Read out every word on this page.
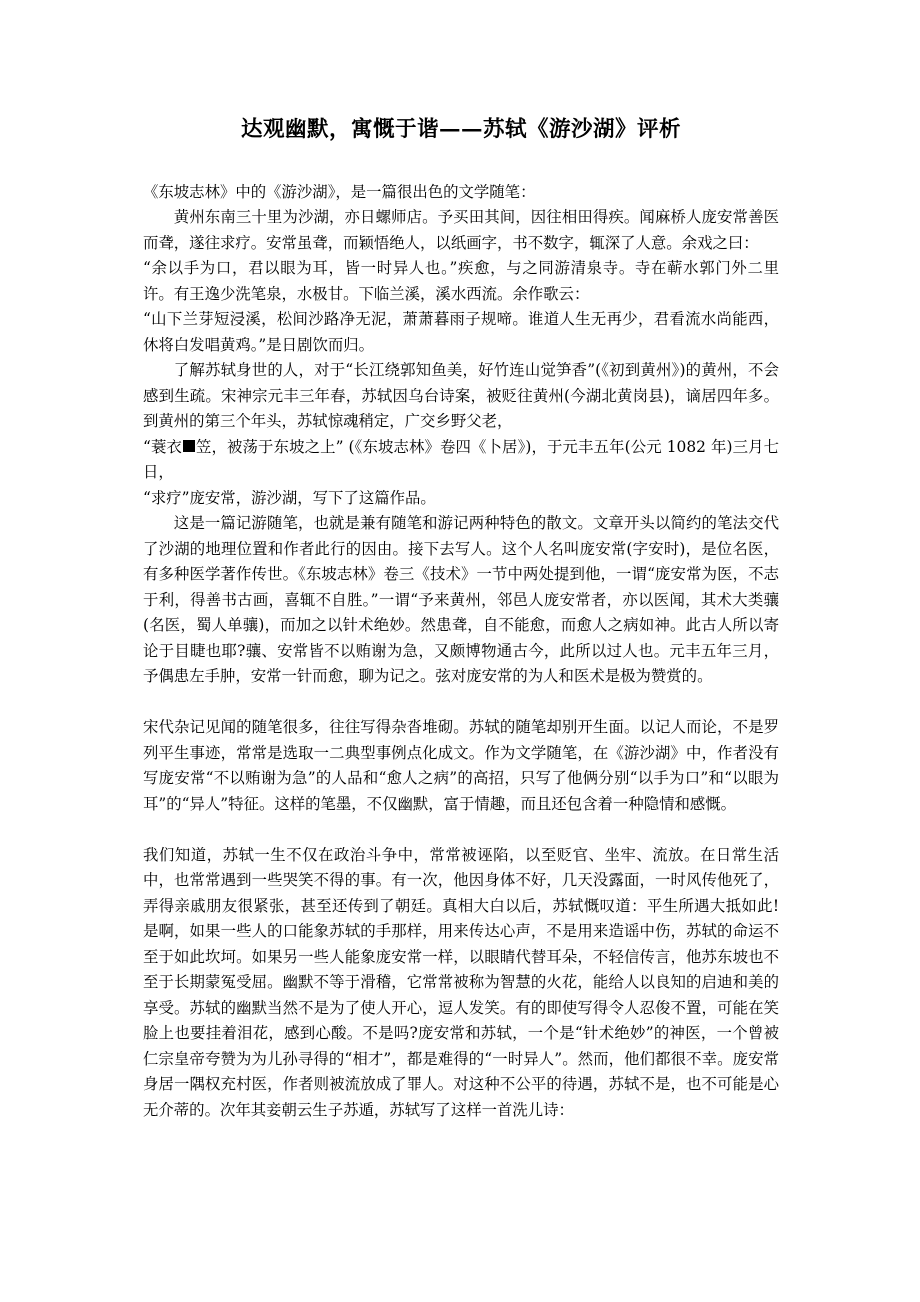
达观幽默，寓慨于谐——苏轼《游沙湖》评析

《东坡志林》中的《游沙湖》，是一篇很出色的文学随笔：

黄州东南三十里为沙湖，亦日螺师店。予买田其间，因往相田得疾。闻麻桥人庞安常善医而聋，遂往求疗。安常虽聋，而颖悟绝人，以纸画字，书不数字，辄深了人意。余戏之曰：

“余以手为口，君以眼为耳，皆一时异人也。”疾愈，与之同游清泉寺。寺在蕲水郭门外二里许。有王逸少洗笔泉，水极甘。下临兰溪，溪水西流。余作歌云：

“山下兰芽短浸溪，松间沙路净无泥，萧萧暮雨子规啼。谁道人生无再少，君看流水尚能西，休将白发唱黄鸡。”是日剧饮而归。

了解苏轼身世的人，对于“长江绕郭知鱼美，好竹连山觉笋香”(《初到黄州》)的黄州，不会感到生疏。宋神宗元丰三年春，苏轼因乌台诗案，被贬往黄州(今湖北黄岗县)，谪居四年多。到黄州的第三个年头，苏轼惊魂稍定，广交乡野父老，

“蓑衣 笠，被荡于东坡之上” (《东坡志林》卷四《卜居》)，于元丰五年(公元 1082 年)三月七日，

“求疗”庞安常，游沙湖，写下了这篇作品。

这是一篇记游随笔，也就是兼有随笔和游记两种特色的散文。文章开头以简约的笔法交代了沙湖的地理位置和作者此行的因由。接下去写人。这个人名叫庞安常(字安时)，是位名医，有多种医学著作传世。《东坡志林》卷三《技术》一节中两处提到他，一谓“庞安常为医，不志于利，得善书古画，喜辄不自胜。”一谓“予来黄州，邻邑人庞安常者，亦以医闻，其术大类骧(名医，蜀人单骧)，而加之以针术绝妙。然患聋，自不能愈，而愈人之病如神。此古人所以寄论于目睫也耶?骧、安常皆不以贿谢为急，又颇博物通古今，此所以过人也。元丰五年三月，予偶患左手肿，安常一针而愈，聊为记之。弦对庞安常的为人和医术是极为赞赏的。

宋代杂记见闻的随笔很多，往往写得杂沓堆砌。苏轼的随笔却别开生面。以记人而论，不是罗列平生事迹，常常是选取一二典型事例点化成文。作为文学随笔，在《游沙湖》中，作者没有写庞安常“不以贿谢为急”的人品和“愈人之病”的高招，只写了他俩分别“以手为口”和“以眼为耳”的“异人”特征。这样的笔墨，不仅幽默，富于情趣，而且还包含着一种隐情和感慨。

我们知道，苏轼一生不仅在政治斗争中，常常被诬陷，以至贬官、坐牢、流放。在日常生活中，也常常遇到一些哭笑不得的事。有一次，他因身体不好，几天没露面，一时风传他死了，弄得亲戚朋友很紧张，甚至还传到了朝廷。真相大白以后，苏轼慨叹道：平生所遇大抵如此!是啊，如果一些人的口能象苏轼的手那样，用来传达心声，不是用来造谣中伤，苏轼的命运不至于如此坎坷。如果另一些人能象庞安常一样，以眼睛代替耳朵，不轻信传言，他苏东坡也不至于长期蒙冤受屈。幽默不等于滑稽，它常常被称为智慧的火花，能给人以良知的启迪和美的享受。苏轼的幽默当然不是为了使人开心，逗人发笑。有的即使写得令人忍俊不置，可能在笑脸上也要挂着泪花，感到心酸。不是吗?庞安常和苏轼，一个是“针术绝妙”的神医，一个曾被仁宗皇帝夸赞为为儿孙寻得的“相才”，都是难得的“一时异人”。然而，他们都很不幸。庞安常身居一隅权充村医，作者则被流放成了罪人。对这种不公平的待遇，苏轼不是，也不可能是心无介蒂的。次年其妾朝云生子苏遁，苏轼写了这样一首洗儿诗：
